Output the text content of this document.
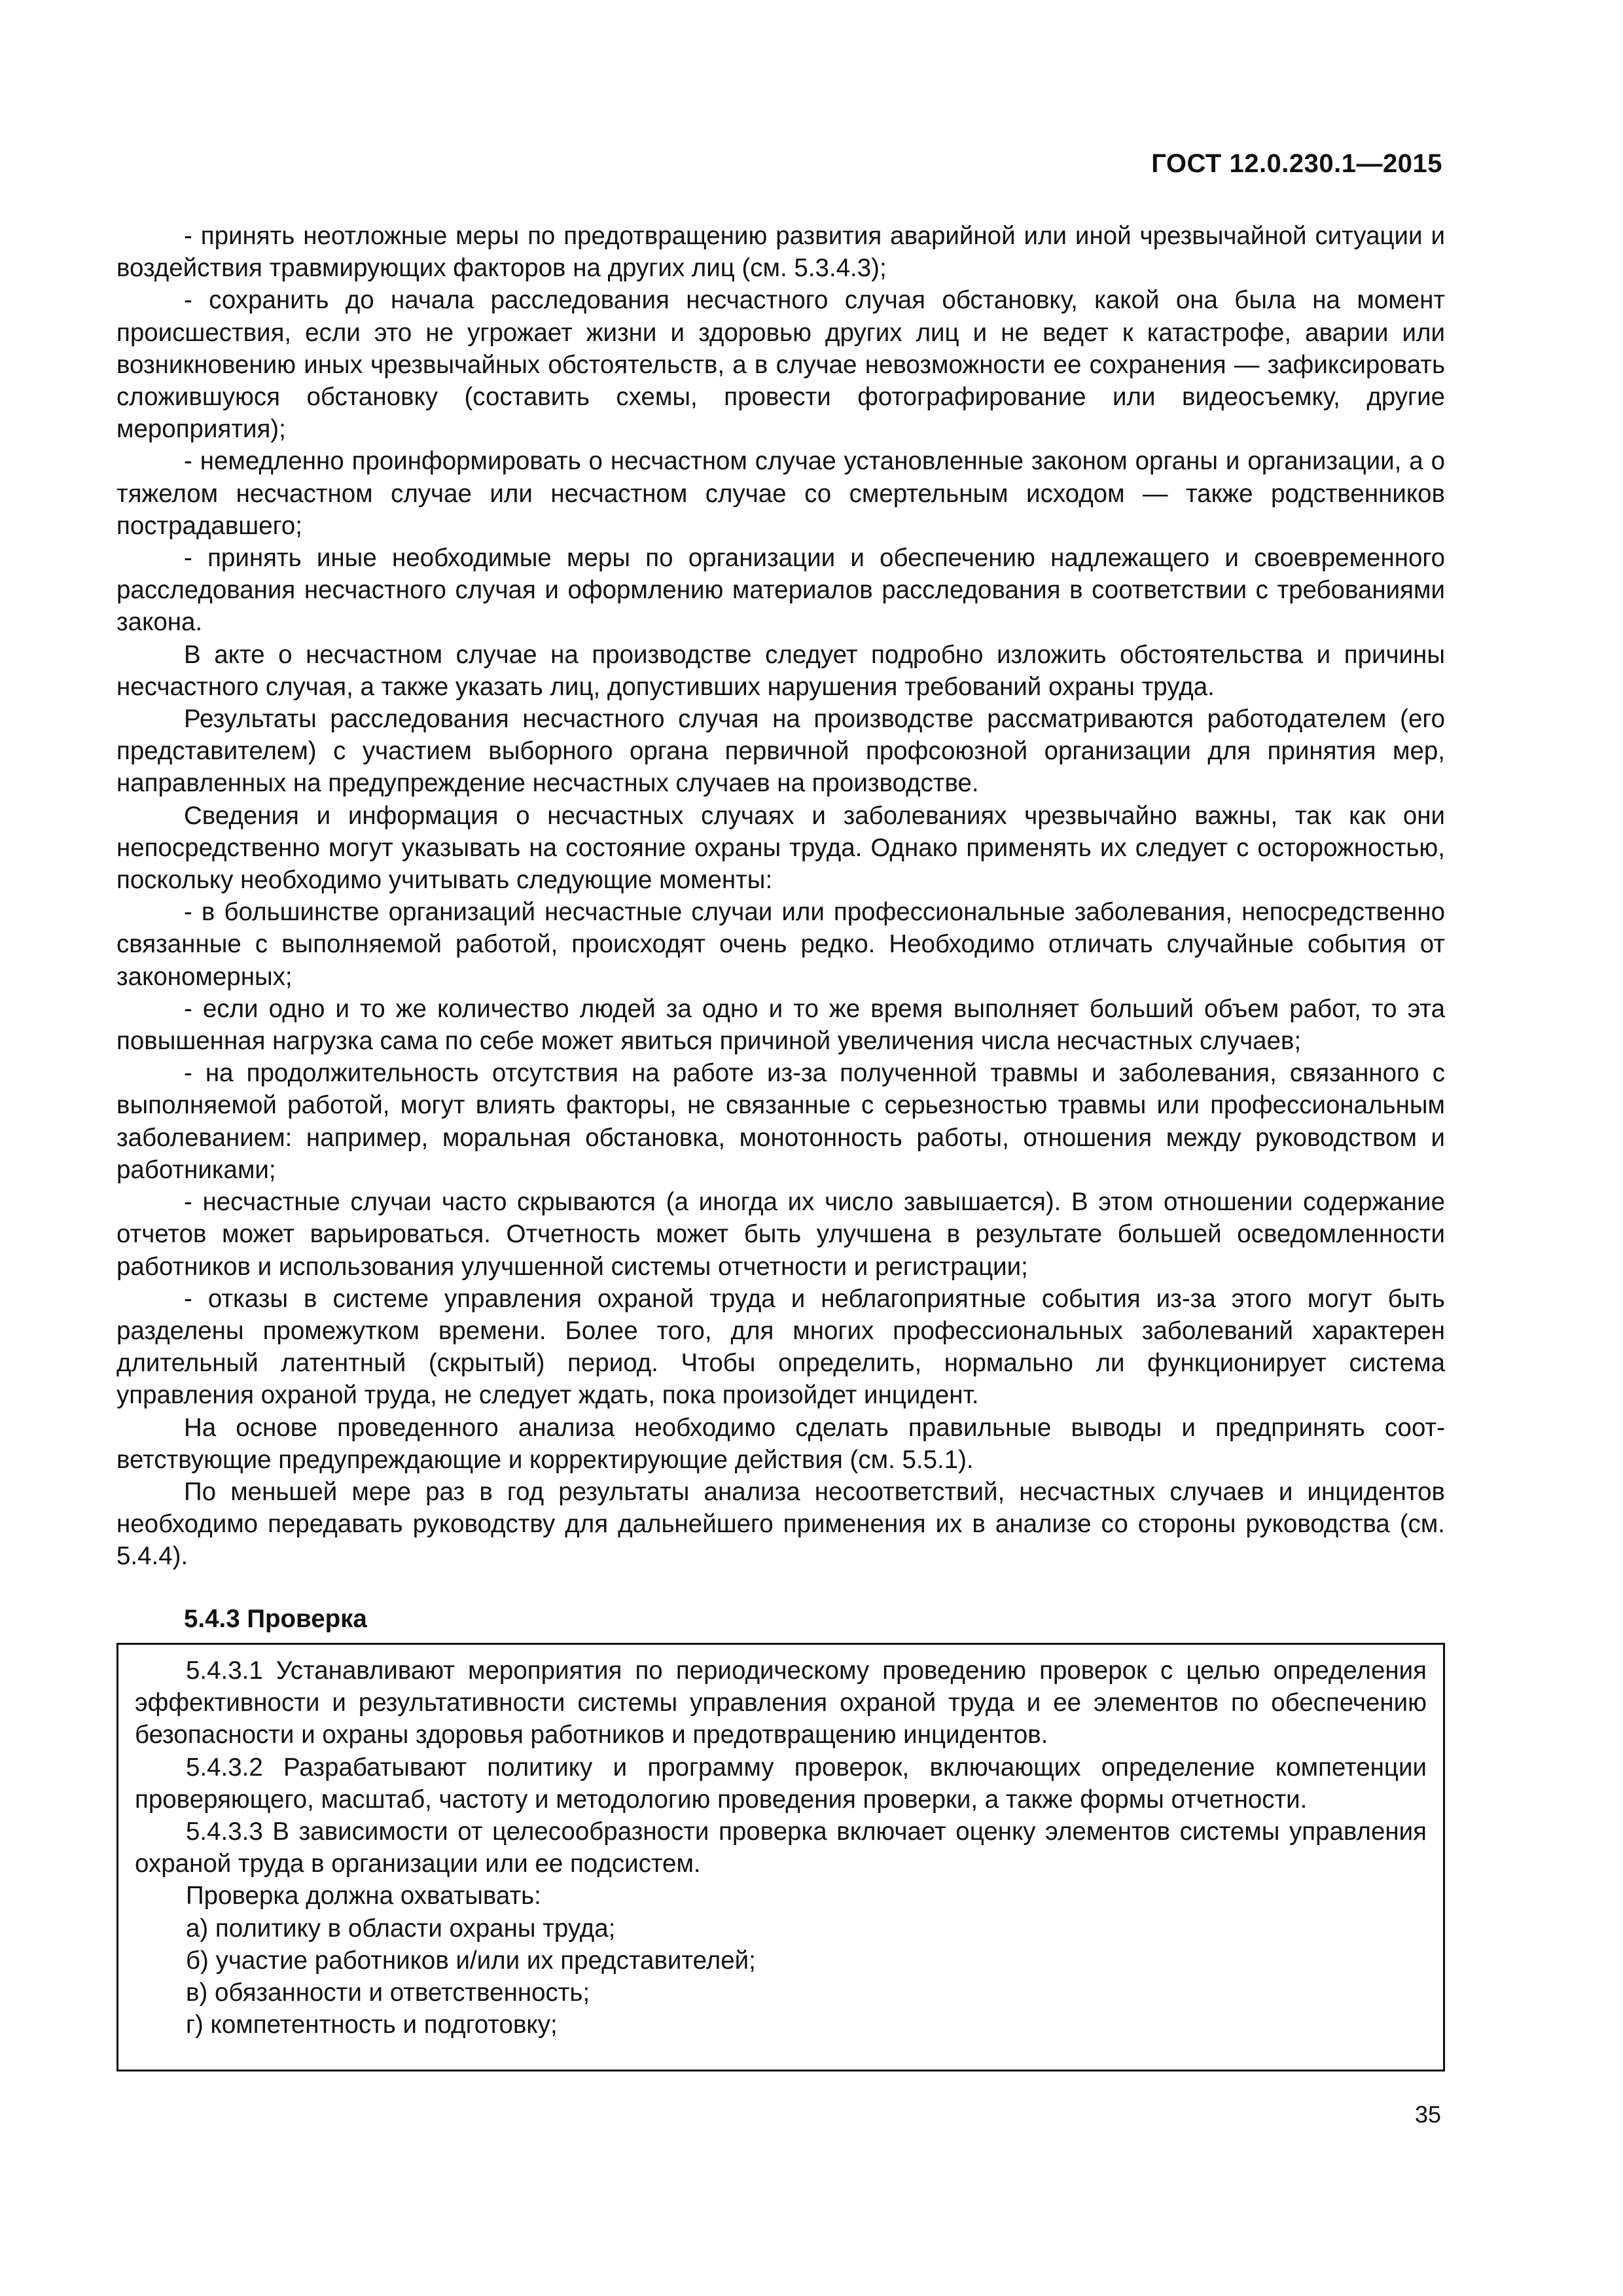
ГОСТ 12.0.230.1—2015

- принять неотложные меры по предотвращению развития аварийной или иной чрезвычайной ситуации и воздействия травмирующих факторов на других лиц (см. 5.3.4.3);

- сохранить до начала расследования несчастного случая обстановку, какой она была на момент происшествия, если это не угрожает жизни и здоровью других лиц и не ведет к катастрофе, аварии или возникновению иных чрезвычайных обстоятельств, а в случае невозможности ее сохранения — зафиксировать сложившуюся обстановку (составить схемы, провести фотографирование или видеосъемку, другие мероприятия);

- немедленно проинформировать о несчастном случае установленные законом органы и организации, а о тяжелом несчастном случае или несчастном случае со смертельным исходом — также родственников пострадавшего;

- принять иные необходимые меры по организации и обеспечению надлежащего и своевременного расследования несчастного случая и оформлению материалов расследования в соответствии с требованиями закона.

В акте о несчастном случае на производстве следует подробно изложить обстоятельства и причины несчастного случая, а также указать лиц, допустивших нарушения требований охраны труда.

Результаты расследования несчастного случая на производстве рассматриваются работодателем (его представителем) с участием выборного органа первичной профсоюзной организации для принятия мер, направленных на предупреждение несчастных случаев на производстве.

Сведения и информация о несчастных случаях и заболеваниях чрезвычайно важны, так как они непосредственно могут указывать на состояние охраны труда. Однако применять их следует с осторожностью, поскольку необходимо учитывать следующие моменты:

- в большинстве организаций несчастные случаи или профессиональные заболевания, непосредственно связанные с выполняемой работой, происходят очень редко. Необходимо отличать случайные события от закономерных;

- если одно и то же количество людей за одно и то же время выполняет больший объем работ, то эта повышенная нагрузка сама по себе может явиться причиной увеличения числа несчастных случаев;

- на продолжительность отсутствия на работе из-за полученной травмы и заболевания, связанного с выполняемой работой, могут влиять факторы, не связанные с серьезностью травмы или профессиональным заболеванием: например, моральная обстановка, монотонность работы, отношения между руководством и работниками;

- несчастные случаи часто скрываются (а иногда их число завышается). В этом отношении содержание отчетов может варьироваться. Отчетность может быть улучшена в результате большей осведомленности работников и использования улучшенной системы отчетности и регистрации;

- отказы в системе управления охраной труда и неблагоприятные события из-за этого могут быть разделены промежутком времени. Более того, для многих профессиональных заболеваний характерен длительный латентный (скрытый) период. Чтобы определить, нормально ли функционирует система управления охраной труда, не следует ждать, пока произойдет инцидент.

На основе проведенного анализа необходимо сделать правильные выводы и предпринять соответствующие предупреждающие и корректирующие действия (см. 5.5.1).

По меньшей мере раз в год результаты анализа несоответствий, несчастных случаев и инцидентов необходимо передавать руководству для дальнейшего применения их в анализе со стороны руководства (см. 5.4.4).

5.4.3 Проверка

5.4.3.1 Устанавливают мероприятия по периодическому проведению проверок с целью определения эффективности и результативности системы управления охраной труда и ее элементов по обеспечению безопасности и охраны здоровья работников и предотвращению инцидентов.

5.4.3.2 Разрабатывают политику и программу проверок, включающих определение компетенции проверяющего, масштаб, частоту и методологию проведения проверки, а также формы отчетности.

5.4.3.3 В зависимости от целесообразности проверка включает оценку элементов системы управления охраной труда в организации или ее подсистем.

Проверка должна охватывать:

а) политику в области охраны труда;

б) участие работников и/или их представителей;

в) обязанности и ответственность;

г) компетентность и подготовку;

35
